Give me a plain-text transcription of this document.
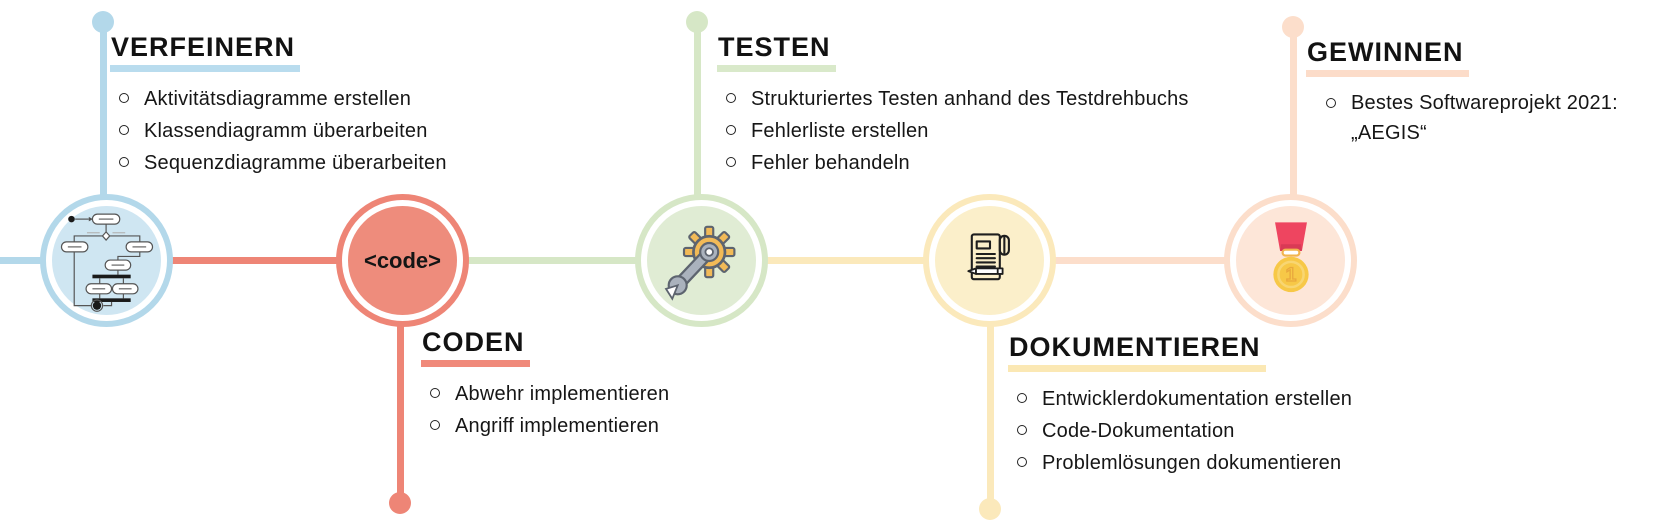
<code>
1
VERFEINERN
Aktivitätsdiagramme erstellen
Klassendiagramm überarbeiten
Sequenzdiagramme überarbeiten
TESTEN
Strukturiertes Testen anhand des Testdrehbuchs
Fehlerliste erstellen
Fehler behandeln
GEWINNEN
Bestes Softwareprojekt 2021: „AEGIS“
CODEN
Abwehr implementieren
Angriff implementieren
DOKUMENTIEREN
Entwicklerdokumentation erstellen
Code-Dokumentation
Problemlösungen dokumentieren
